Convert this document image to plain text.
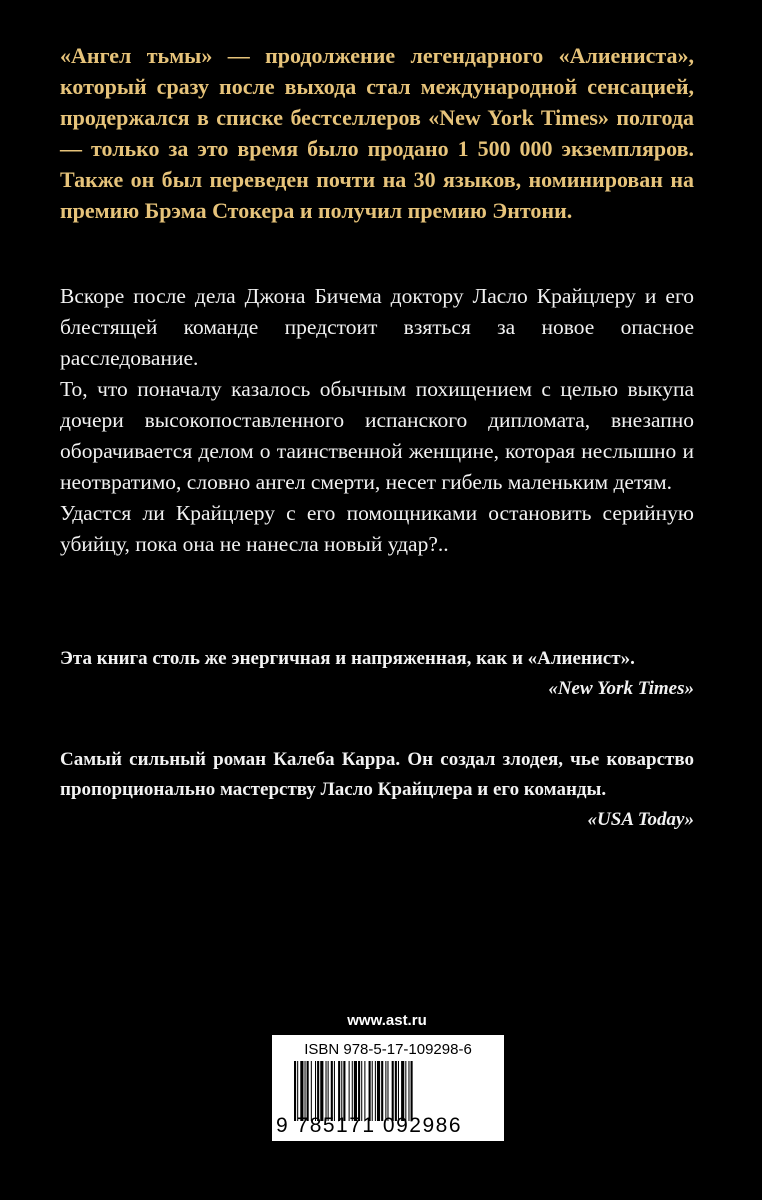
«Ангел тьмы» — продолжение легендарного «Алиениста», который сразу после выхода стал международной сенсацией, продержался в списке бестселлеров «New York Times» полгода — только за это время было продано 1 500 000 экземпляров. Также он был переведен почти на 30 языков, номинирован на премию Брэма Стокера и получил премию Энтони.

Вскоре после дела Джона Бичема доктору Ласло Крайцлеру и его блестящей команде предстоит взяться за новое опасное расследование.

То, что поначалу казалось обычным похищением с целью выкупа дочери высокопоставленного испанского дипломата, внезапно оборачивается делом о таинственной женщине, которая неслышно и неотвратимо, словно ангел смерти, несет гибель маленьким детям.

Удастся ли Крайцлеру с его помощниками остановить серийную убийцу, пока она не нанесла новый удар?..

Эта книга столь же энергичная и напряженная, как и «Алиенист».

«New York Times»

Самый сильный роман Калеба Карра. Он создал злодея, чье коварство пропорционально мастерству Ласло Крайцлера и его команды.

«USA Today»

www.ast.ru
ISBN 978-5-17-109298-6
9 785171 092986
